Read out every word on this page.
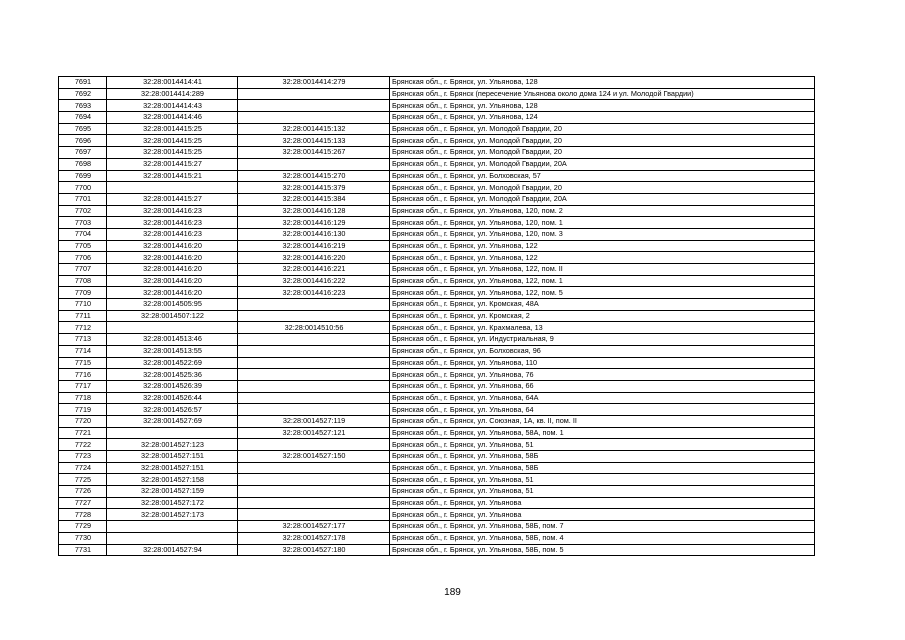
7691	32:28:0014414:41	32:28:0014414:279	Брянская обл., г. Брянск, ул. Ульянова, 128
7692	32:28:0014414:289		Брянская обл., г. Брянск (пересечение Ульянова около дома 124 и ул. Молодой Гвардии)
7693	32:28:0014414:43		Брянская обл., г. Брянск, ул. Ульянова, 128
7694	32:28:0014414:46		Брянская обл., г. Брянск, ул. Ульянова, 124
7695	32:28:0014415:25	32:28:0014415:132	Брянская обл., г. Брянск, ул. Молодой Гвардии, 20
7696	32:28:0014415:25	32:28:0014415:133	Брянская обл., г. Брянск, ул. Молодой Гвардии, 20
7697	32:28:0014415:25	32:28:0014415:267	Брянская обл., г. Брянск, ул. Молодой Гвардии, 20
7698	32:28:0014415:27		Брянская обл., г. Брянск, ул. Молодой Гвардии, 20А
7699	32:28:0014415:21	32:28:0014415:270	Брянская обл., г. Брянск, ул. Болховская, 57
7700		32:28:0014415:379	Брянская обл., г. Брянск, ул. Молодой Гвардии, 20
7701	32:28:0014415:27	32:28:0014415:384	Брянская обл., г. Брянск, ул. Молодой Гвардии, 20А
7702	32:28:0014416:23	32:28:0014416:128	Брянская обл., г. Брянск, ул. Ульянова, 120, пом. 2
7703	32:28:0014416:23	32:28:0014416:129	Брянская обл., г. Брянск, ул. Ульянова, 120, пом. 1
7704	32:28:0014416:23	32:28:0014416:130	Брянская обл., г. Брянск, ул. Ульянова, 120, пом. 3
7705	32:28:0014416:20	32:28:0014416:219	Брянская обл., г. Брянск, ул. Ульянова, 122
7706	32:28:0014416:20	32:28:0014416:220	Брянская обл., г. Брянск, ул. Ульянова, 122
7707	32:28:0014416:20	32:28:0014416:221	Брянская обл., г. Брянск, ул. Ульянова, 122, пом. II
7708	32:28:0014416:20	32:28:0014416:222	Брянская обл., г. Брянск, ул. Ульянова, 122, пом. 1
7709	32:28:0014416:20	32:28:0014416:223	Брянская обл., г. Брянск, ул. Ульянова, 122, пом. 5
7710	32:28:0014505:95		Брянская обл., г. Брянск, ул. Кромская, 48А
7711	32:28:0014507:122		Брянская обл., г. Брянск, ул. Кромская, 2
7712		32:28:0014510:56	Брянская обл., г. Брянск, ул. Крахмалева, 13
7713	32:28:0014513:46		Брянская обл., г. Брянск, ул. Индустриальная, 9
7714	32:28:0014513:55		Брянская обл., г. Брянск, ул. Болховская, 96
7715	32:28:0014522:69		Брянская обл., г. Брянск, ул. Ульянова, 110
7716	32:28:0014525:36		Брянская обл., г. Брянск, ул. Ульянова, 76
7717	32:28:0014526:39		Брянская обл., г. Брянск, ул. Ульянова, 66
7718	32:28:0014526:44		Брянская обл., г. Брянск, ул. Ульянова, 64А
7719	32:28:0014526:57		Брянская обл., г. Брянск, ул. Ульянова, 64
7720	32:28:0014527:69	32:28:0014527:119	Брянская обл., г. Брянск, ул. Союзная, 1А, кв. II, пом. II
7721		32:28:0014527:121	Брянская обл., г. Брянск, ул. Ульянова, 58А, пом. 1
7722	32:28:0014527:123		Брянская обл., г. Брянск, ул. Ульянова, 51
7723	32:28:0014527:151	32:28:0014527:150	Брянская обл., г. Брянск, ул. Ульянова, 58Б
7724	32:28:0014527:151		Брянская обл., г. Брянск, ул. Ульянова, 58Б
7725	32:28:0014527:158		Брянская обл., г. Брянск, ул. Ульянова, 51
7726	32:28:0014527:159		Брянская обл., г. Брянск, ул. Ульянова, 51
7727	32:28:0014527:172		Брянская обл., г. Брянск, ул. Ульянова
7728	32:28:0014527:173		Брянская обл., г. Брянск, ул. Ульянова
7729		32:28:0014527:177	Брянская обл., г. Брянск, ул. Ульянова, 58Б, пом. 7
7730		32:28:0014527:178	Брянская обл., г. Брянск, ул. Ульянова, 58Б, пом. 4
7731	32:28:0014527:94	32:28:0014527:180	Брянская обл., г. Брянск, ул. Ульянова, 58Б, пом. 5
189
